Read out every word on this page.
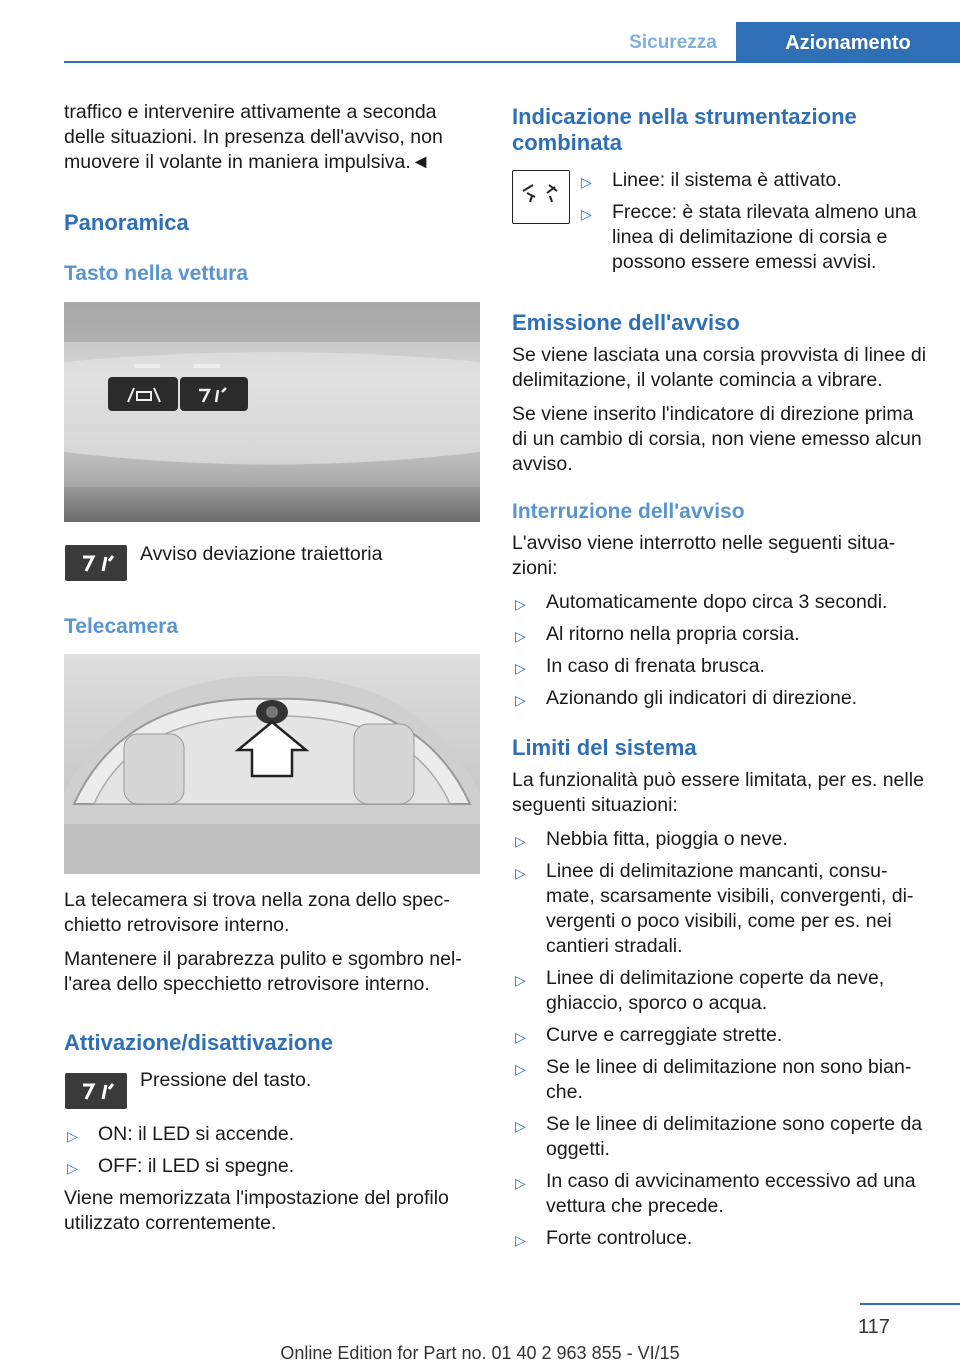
Sicurezza	Azionamento

traffico e intervenire attivamente a seconda delle situazioni. In presenza dell'avviso, non muovere il volante in maniera impulsiva.◄

Panoramica
Tasto nella vettura
Avviso deviazione traiettoria
Telecamera

La telecamera si trova nella zona dello spec‐chietto retrovisore interno.

Mantenere il parabrezza pulito e sgombro nel‐l'area dello specchietto retrovisore interno.

Attivazione/disattivazione
Pressione del tasto.
▷ ON: il LED si accende.
▷ OFF: il LED si spegne.

Viene memorizzata l'impostazione del profilo utilizzato correntemente.

Indicazione nella strumentazione combinata
▷ Linee: il sistema è attivato.
▷ Frecce: è stata rilevata almeno una linea di delimitazione di corsia e possono essere emessi avvisi.
Emissione dell'avviso

Se viene lasciata una corsia provvista di linee di delimitazione, il volante comincia a vibrare.

Se viene inserito l'indicatore di direzione prima di un cambio di corsia, non viene emesso alcun avviso.

Interruzione dell'avviso

L'avviso viene interrotto nelle seguenti situa‐zioni:

▷ Automaticamente dopo circa 3 secondi.
▷ Al ritorno nella propria corsia.
▷ In caso di frenata brusca.
▷ Azionando gli indicatori di direzione.
Limiti del sistema

La funzionalità può essere limitata, per es. nelle seguenti situazioni:

▷ Nebbia fitta, pioggia o neve.
▷ Linee di delimitazione mancanti, consu‐mate, scarsamente visibili, convergenti, di‐vergenti o poco visibili, come per es. nei cantieri stradali.
▷ Linee di delimitazione coperte da neve, ghiaccio, sporco o acqua.
▷ Curve e carreggiate strette.
▷ Se le linee di delimitazione non sono bian‐che.
▷ Se le linee di delimitazione sono coperte da oggetti.
▷ In caso di avvicinamento eccessivo ad una vettura che precede.
▷ Forte controluce.
117
Online Edition for Part no. 01 40 2 963 855 - VI/15
